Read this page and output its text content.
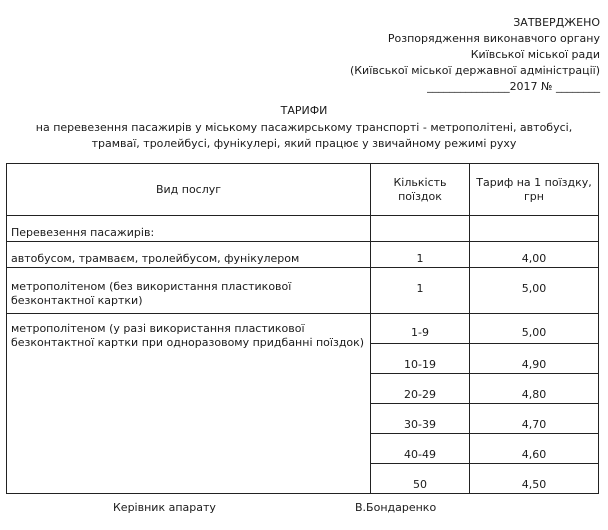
ЗАТВЕРДЖЕНО
Розпорядження виконавчого органу
Київської міської ради
(Київської міської державної адміністрації)
_______________2017 № ________
ТАРИФИ
на перевезення пасажирів у міському пасажирському транспорті - метрополітені, автобусі, трамваї, тролейбусі, фунікулері, який працює у звичайному режимі руху
Вид послуг	Кількість поїздок	Тариф на 1 поїздку, грн
Перевезення пасажирів:		
автобусом, трамваєм, тролейбусом, фунікулером	1	4,00
метрополітеном (без використання пластикової безконтактної картки)	1	5,00
метрополітеном (у разі використання пластикової безконтактної картки при одноразовому придбанні поїздок)	1-9	5,00
	10-19	4,90
	20-29	4,80
	30-39	4,70
	40-49	4,60
	50	4,50
Керівник апарату	В.Бондаренко
